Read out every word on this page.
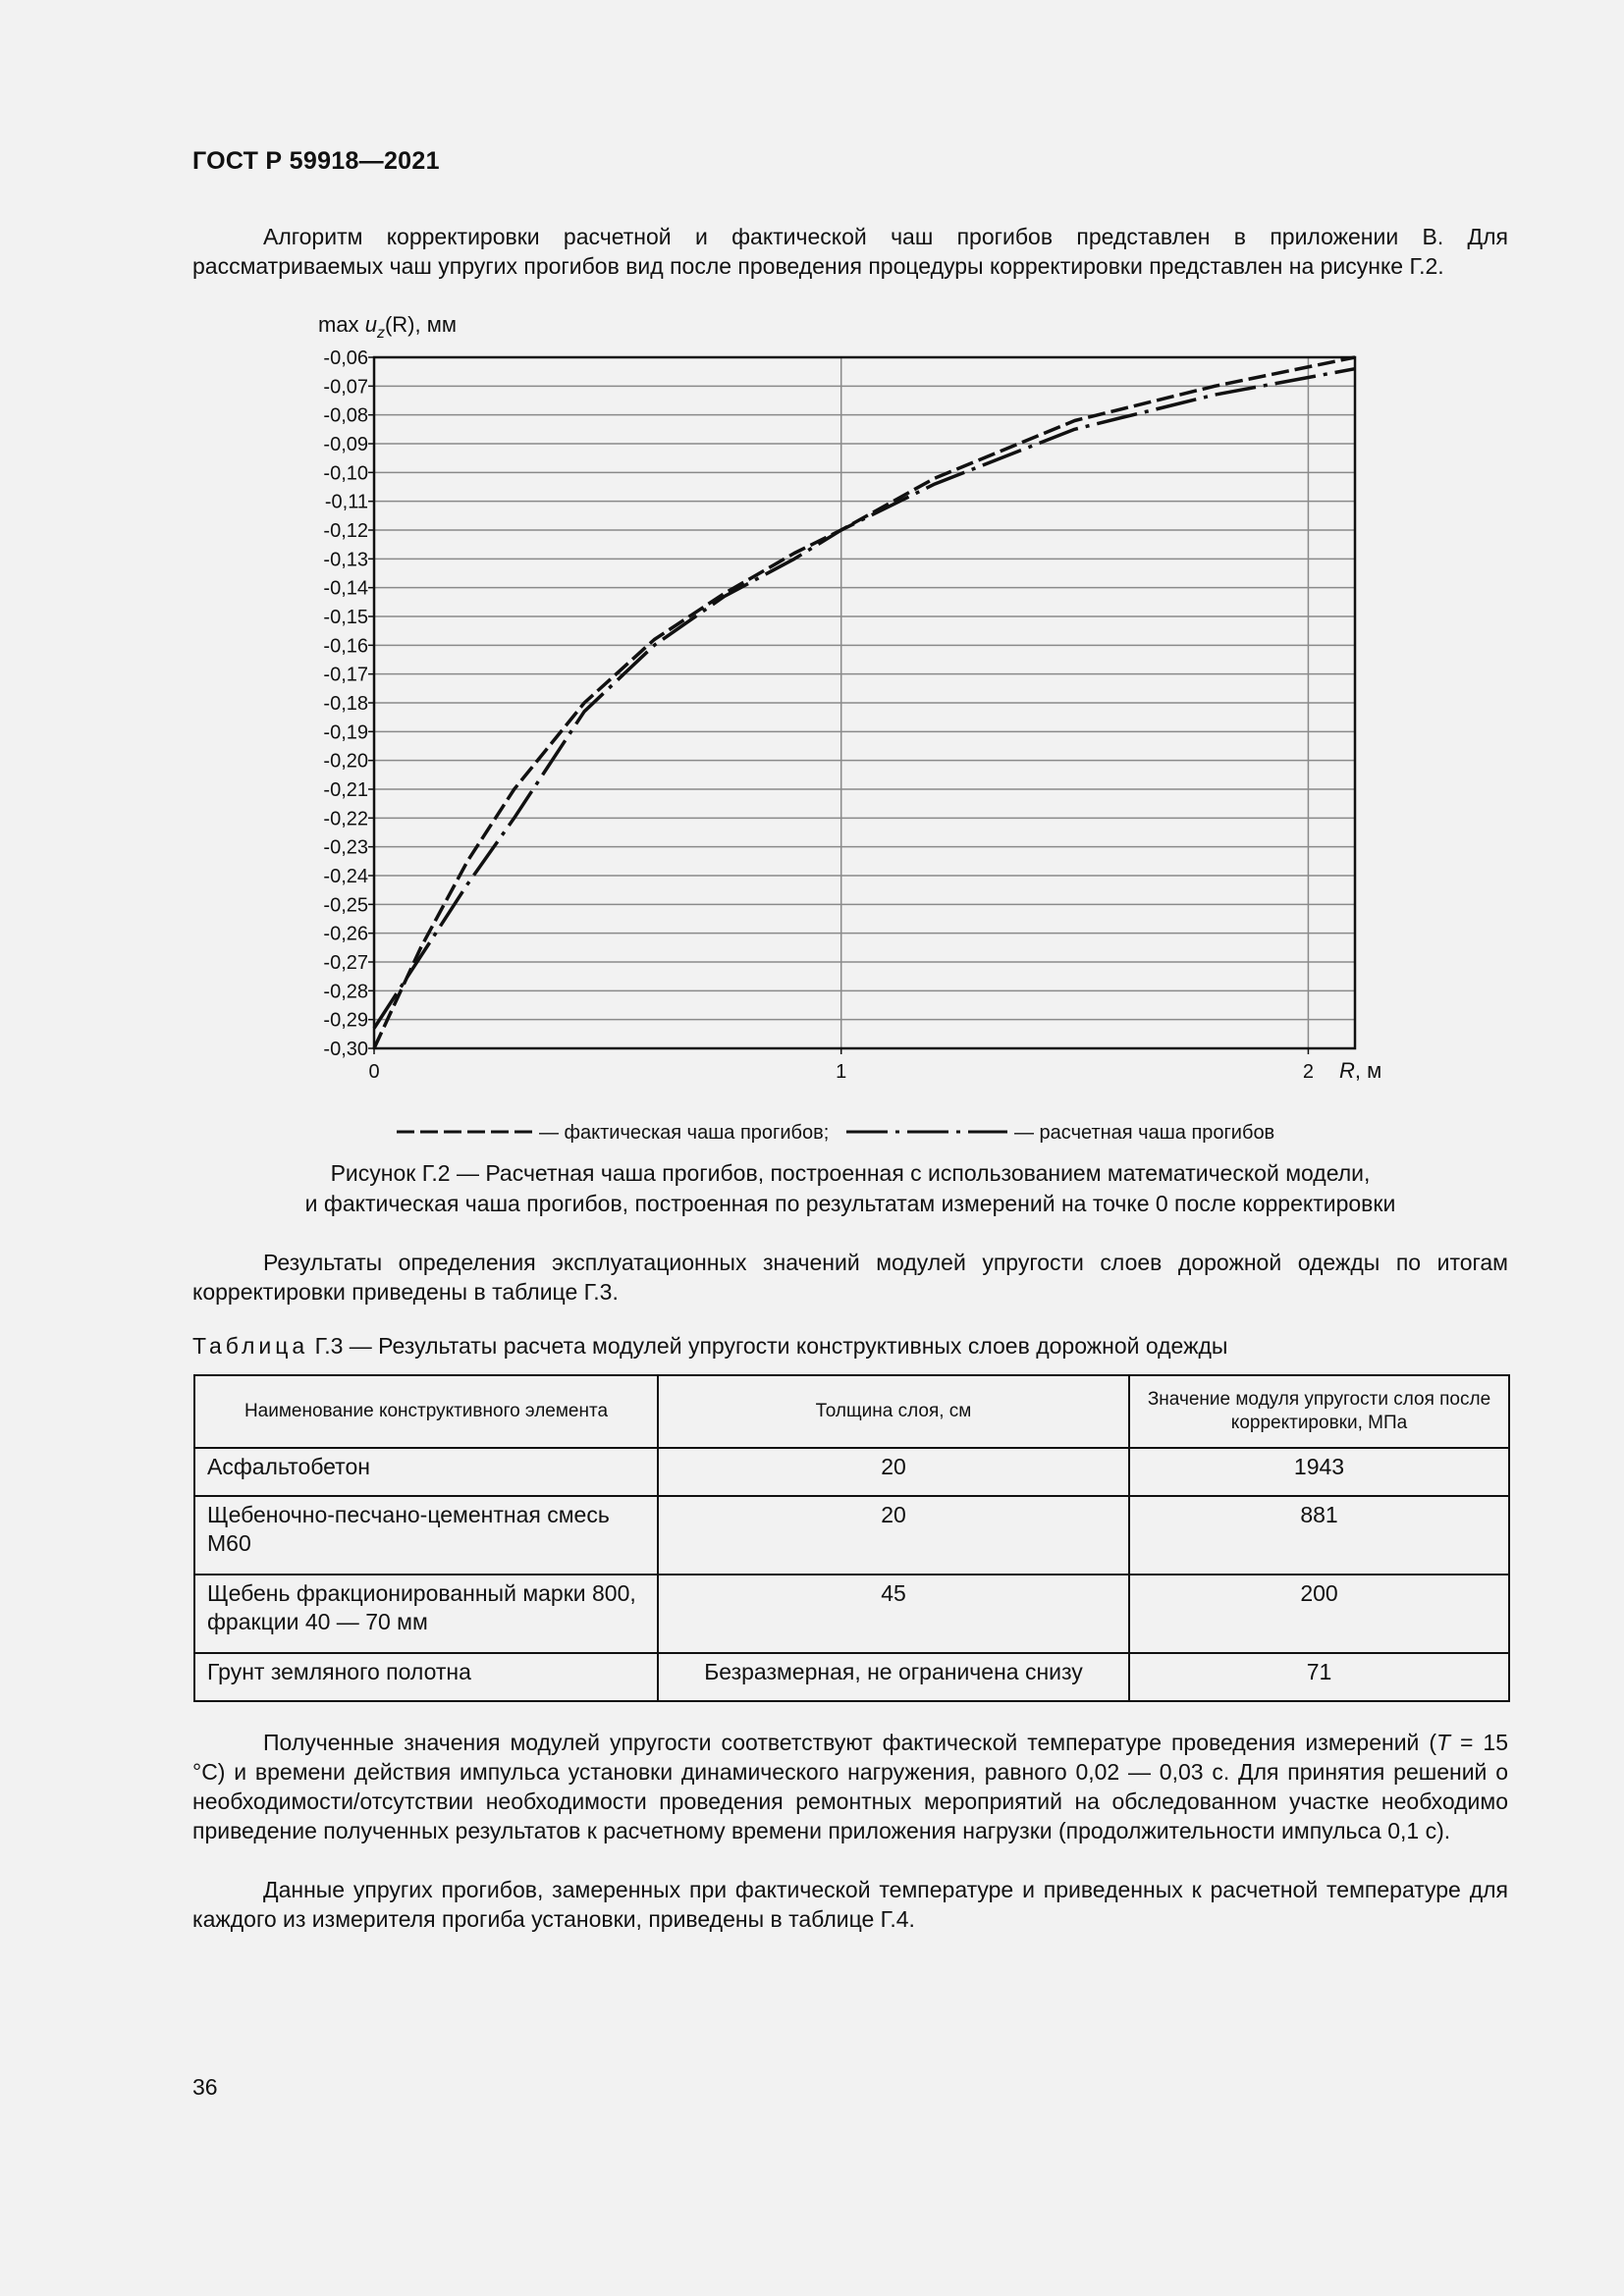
ГОСТ Р 59918—2021

Алгоритм корректировки расчетной и фактической чаш прогибов представлен в приложении В. Для рассматриваемых чаш упругих прогибов вид после проведения процедуры корректировки представлен на рисунке Г.2.

-0,06
-0,07
-0,08
-0,09
-0,10
-0,11
-0,12
-0,13
-0,14
-0,15
-0,16
-0,17
-0,18
-0,19
-0,20
-0,21
-0,22
-0,23
-0,24
-0,25
-0,26
-0,27
-0,28
-0,29
-0,30
0	1	2
$\max u_z(R)$, мм
R, м
— фактическая чаша прогибов;	— расчетная чаша прогибов
Рисунок Г.2 — Расчетная чаша прогибов, построенная с использованием математической модели,
и фактическая чаша прогибов, построенная по результатам измерений на точке 0 после корректировки

Результаты определения эксплуатационных значений модулей упругости слоев дорожной одежды по итогам корректировки приведены в таблице Г.3.

Таблица Г.3 — Результаты расчета модулей упругости конструктивных слоев дорожной одежды
Наименование конструктивного элемента	Толщина слоя, см	Значение модуля упругости слоя после корректировки, МПа
Асфальтобетон	20	1943
Щебеночно-песчано-цементная смесь М60	20	881
Щебень фракционированный марки 800, фракции 40 — 70 мм	45	200
Грунт земляного полотна	Безразмерная, не ограничена снизу	71

Полученные значения модулей упругости соответствуют фактической температуре проведения измерений (T = 15 °С) и времени действия импульса установки динамического нагружения, равного 0,02 — 0,03 с. Для принятия решений о необходимости/отсутствии необходимости проведения ремонтных мероприятий на обследованном участке необходимо приведение полученных результатов к расчетному времени приложения нагрузки (продолжительности импульса 0,1 с).

Данные упругих прогибов, замеренных при фактической температуре и приведенных к расчетной температуре для каждого из измерителя прогиба установки, приведены в таблице Г.4.

36
